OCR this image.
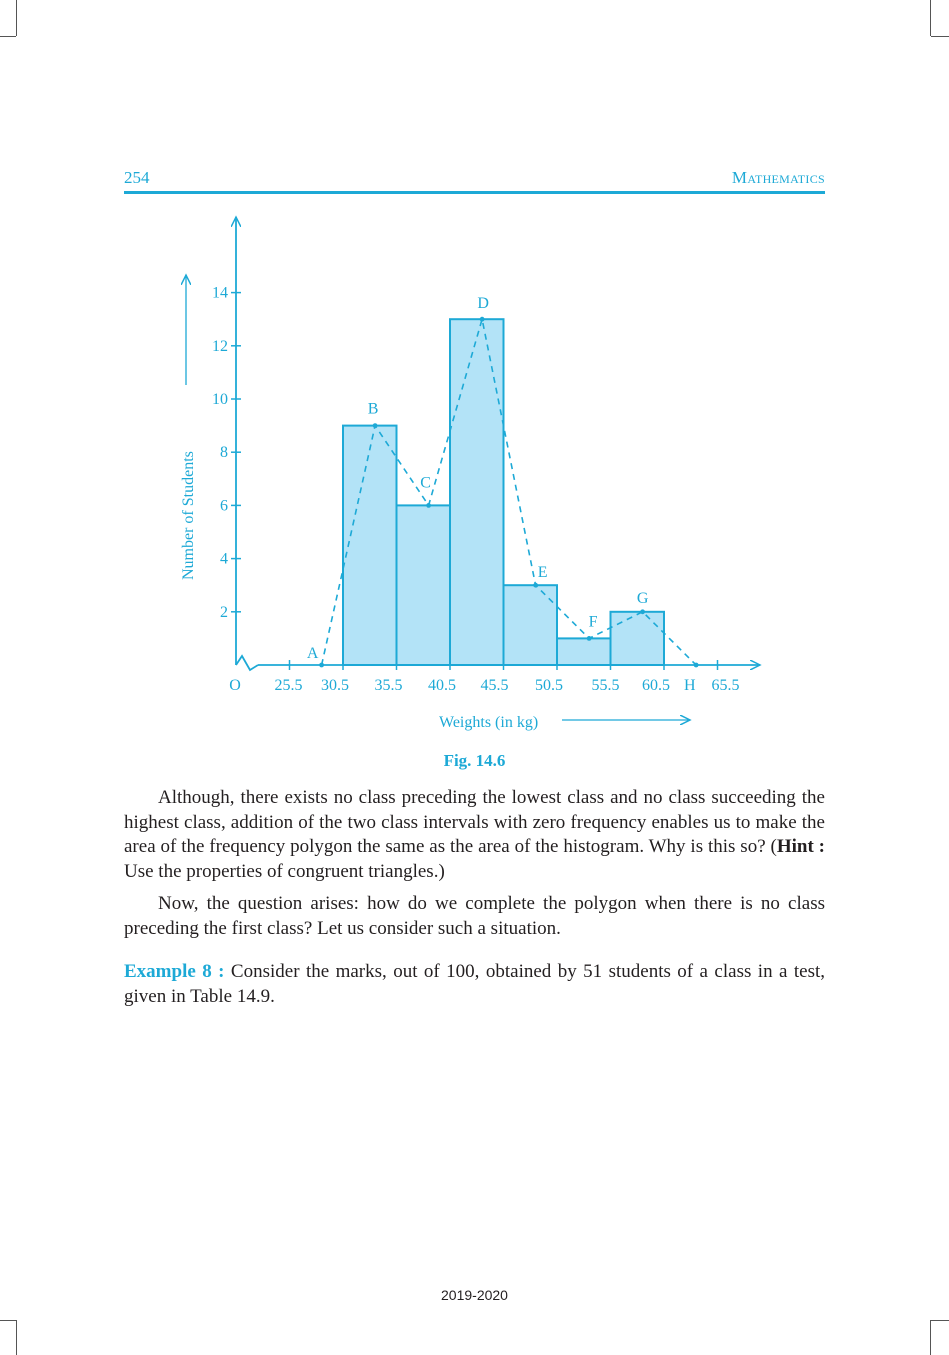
254	Mathematics
2
4
6
8
10
12
14
O 25.5 30.5 35.5 40.5 45.5 50.5 55.5 60.5 H 65.5
A
B
C
D
E
F
G
Number of Students
Weights (in kg)
Fig. 14.6

Although, there exists no class preceding the lowest class and no class succeeding the highest class, addition of the two class intervals with zero frequency enables us to make the area of the frequency polygon the same as the area of the histogram. Why is this so? (Hint : Use the properties of congruent triangles.)

Now, the question arises: how do we complete the polygon when there is no class preceding the first class? Let us consider such a situation.

Example 8 : Consider the marks, out of 100, obtained by 51 students of a class in a test, given in Table 14.9.

2019-2020
